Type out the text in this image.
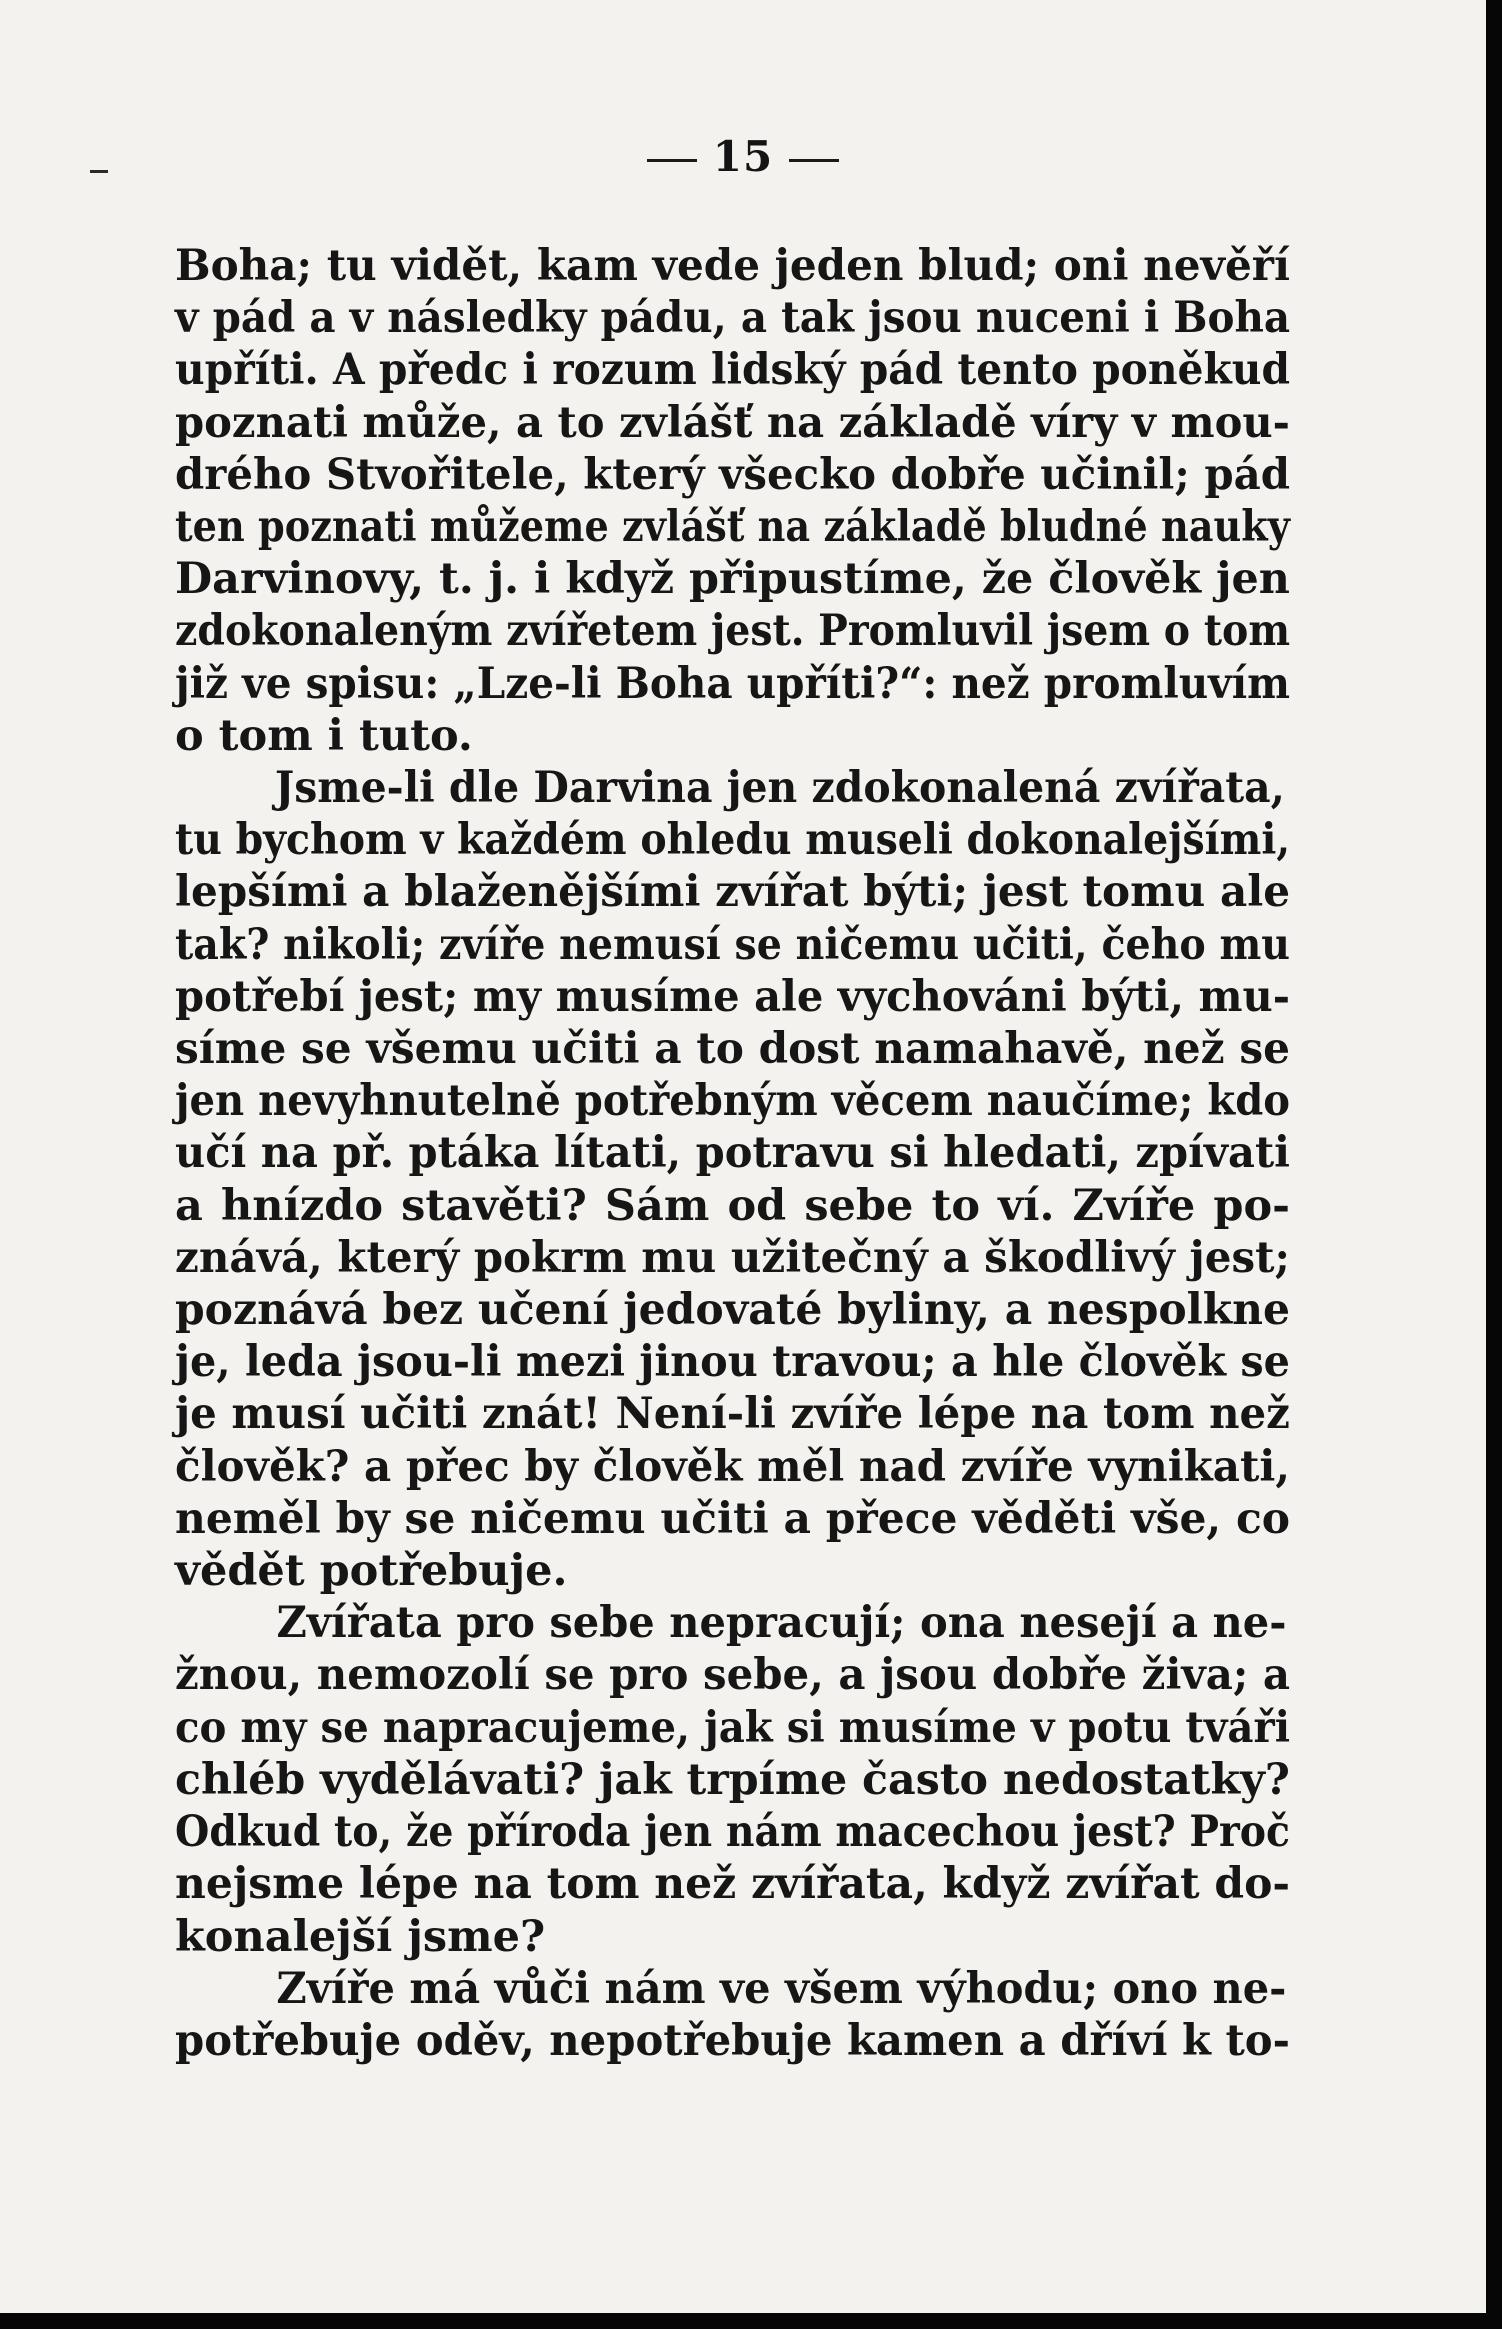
15
Boha; tu vidět, kam vede jeden blud; oni nevěří
v pád a v následky pádu, a tak jsou nuceni i Boha
upříti. A předc i rozum lidský pád tento poněkud
poznati může, a to zvlášť na základě víry v mou-
drého Stvořitele, který všecko dobře učinil; pád
ten poznati můžeme zvlášť na základě bludné nauky
Darvinovy, t. j. i když připustíme, že člověk jen
zdokonaleným zvířetem jest. Promluvil jsem o tom
již ve spisu: „Lze-li Boha upříti?“: než promluvím
o tom i tuto.
Jsme-li dle Darvina jen zdokonalená zvířata,
tu bychom v každém ohledu museli dokonalejšími,
lepšími a blaženějšími zvířat býti; jest tomu ale
tak? nikoli; zvíře nemusí se ničemu učiti, čeho mu
potřebí jest; my musíme ale vychováni býti, mu-
síme se všemu učiti a to dost namahavě, než se
jen nevyhnutelně potřebným věcem naučíme; kdo
učí na př. ptáka lítati, potravu si hledati, zpívati
a hnízdo stavěti? Sám od sebe to ví. Zvíře po-
znává, který pokrm mu užitečný a škodlivý jest;
poznává bez učení jedovaté byliny, a nespolkne
je, leda jsou-li mezi jinou travou; a hle člověk se
je musí učiti znát! Není-li zvíře lépe na tom než
člověk? a přec by člověk měl nad zvíře vynikati,
neměl by se ničemu učiti a přece věděti vše, co
vědět potřebuje.
Zvířata pro sebe nepracují; ona nesejí a ne-
žnou, nemozolí se pro sebe, a jsou dobře živa; a
co my se napracujeme, jak si musíme v potu tváři
chléb vydělávati? jak trpíme často nedostatky?
Odkud to, že příroda jen nám macechou jest? Proč
nejsme lépe na tom než zvířata, když zvířat do-
konalejší jsme?
Zvíře má vůči nám ve všem výhodu; ono ne-
potřebuje oděv, nepotřebuje kamen a dříví k to-
